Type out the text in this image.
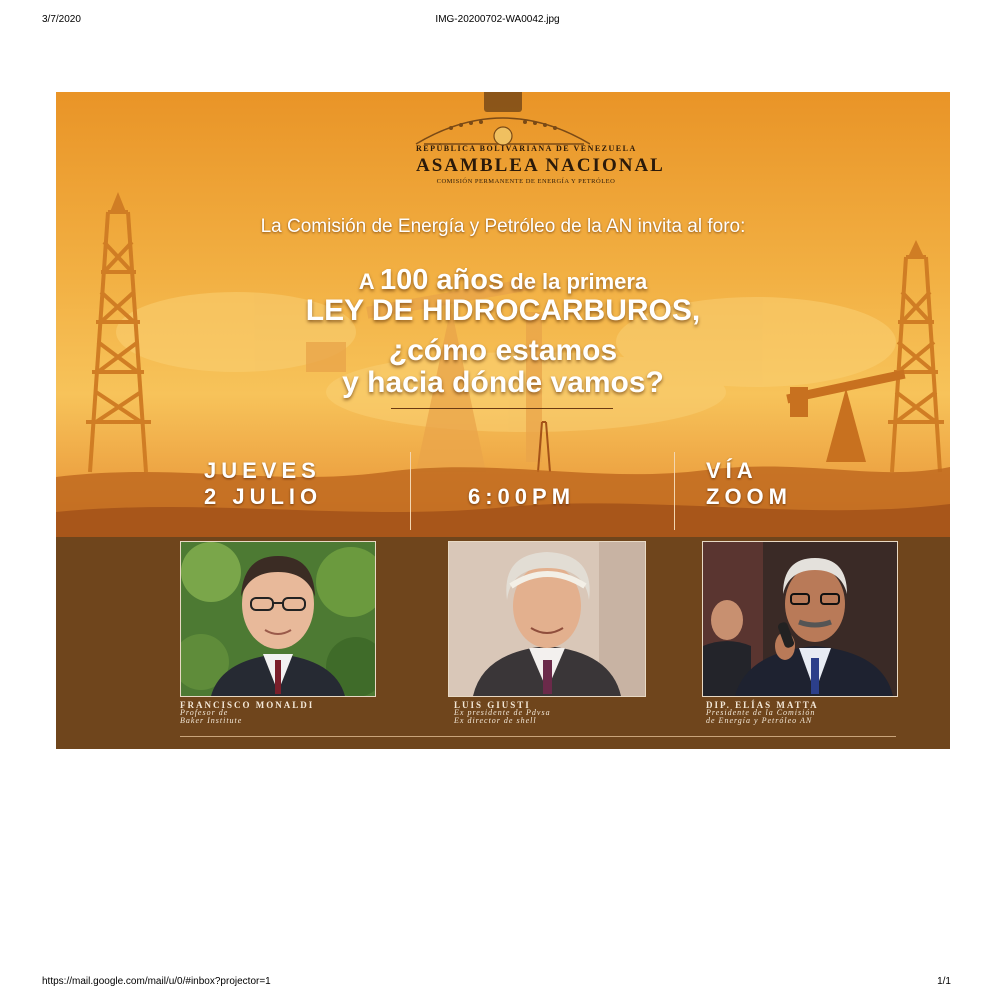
3/7/2020	IMG-20200702-WA0042.jpg
REPÚBLICA BOLIVARIANA DE VENEZUELA
ASAMBLEA NACIONAL
COMISIÓN PERMANENTE DE ENERGÍA Y PETRÓLEO
La Comisión de Energía y Petróleo de la AN invita al foro:
A 100 años de la primera
LEY DE HIDROCARBUROS,
¿cómo estamos
y hacia dónde vamos?
JUEVES
2 JULIO	6:00PM
VÍA
ZOOM
FRANCISCO MONALDI
Profesor de
Baker Institute
LUIS GIUSTI
Ex presidente de Pdvsa
Ex director de shell
DIP. ELÍAS MATTA
Presidente de la Comisión
de Energía y Petróleo AN
https://mail.google.com/mail/u/0/#inbox?projector=1	1/1
